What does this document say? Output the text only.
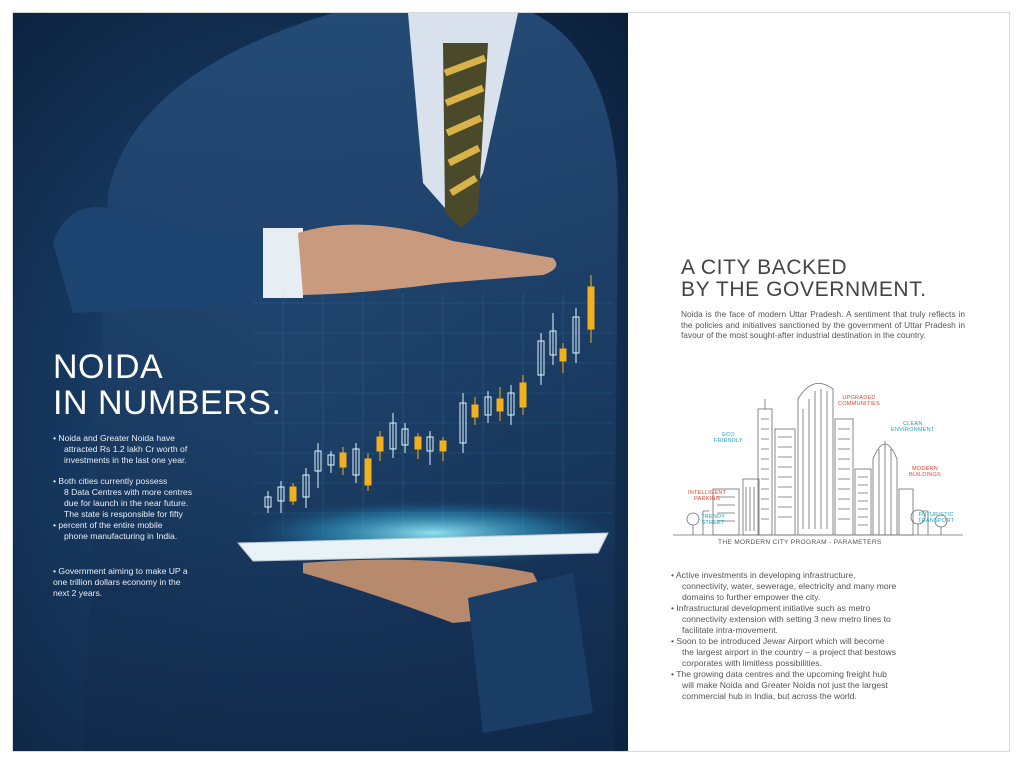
NOIDA
IN NUMBERS.
• Noida and Greater Noida have
attracted Rs 1.2 lakh Cr worth of
investments in the last one year.
• Both cities currently possess
8 Data Centres with more centres
due for launch in the near future.
The state is responsible for fifty
• percent of the entire mobile
phone manufacturing in India.
• Government aiming to make UP a
one trillion dollars economy in the
next 2 years.
A CITY BACKED
BY THE GOVERNMENT.
Noida is the face of modern Uttar Pradesh. A sentiment that truly reflects in the policies and initiatives sanctioned by the government of Uttar Pradesh in favour of the most sought-after industrial destination in the country.
UPGRADED
COMMUNITIES
CLEAN
ENVIRONMENT
ECO
FRIENDLY
MODERN
BUILDINGS
INTELLIGENT
PARKING
TRENDY
STREET
FUTURISTIC
TRANSPORT
THE MORDERN CITY PROGRAM - PARAMETERS
• Active investments in developing infrastructure,
connectivity, water, sewerage, electricity and many more
domains to further empower the city.
• Infrastructural development initiative such as metro
connectivity extension with setting 3 new metro lines to
facilitate intra-movement.
• Soon to be introduced Jewar Airport which will become
the largest airport in the country – a project that bestows
corporates with limitless possibilities.
• The growing data centres and the upcoming freight hub
will make Noida and Greater Noida not just the largest
commercial hub in India, but across the world.
